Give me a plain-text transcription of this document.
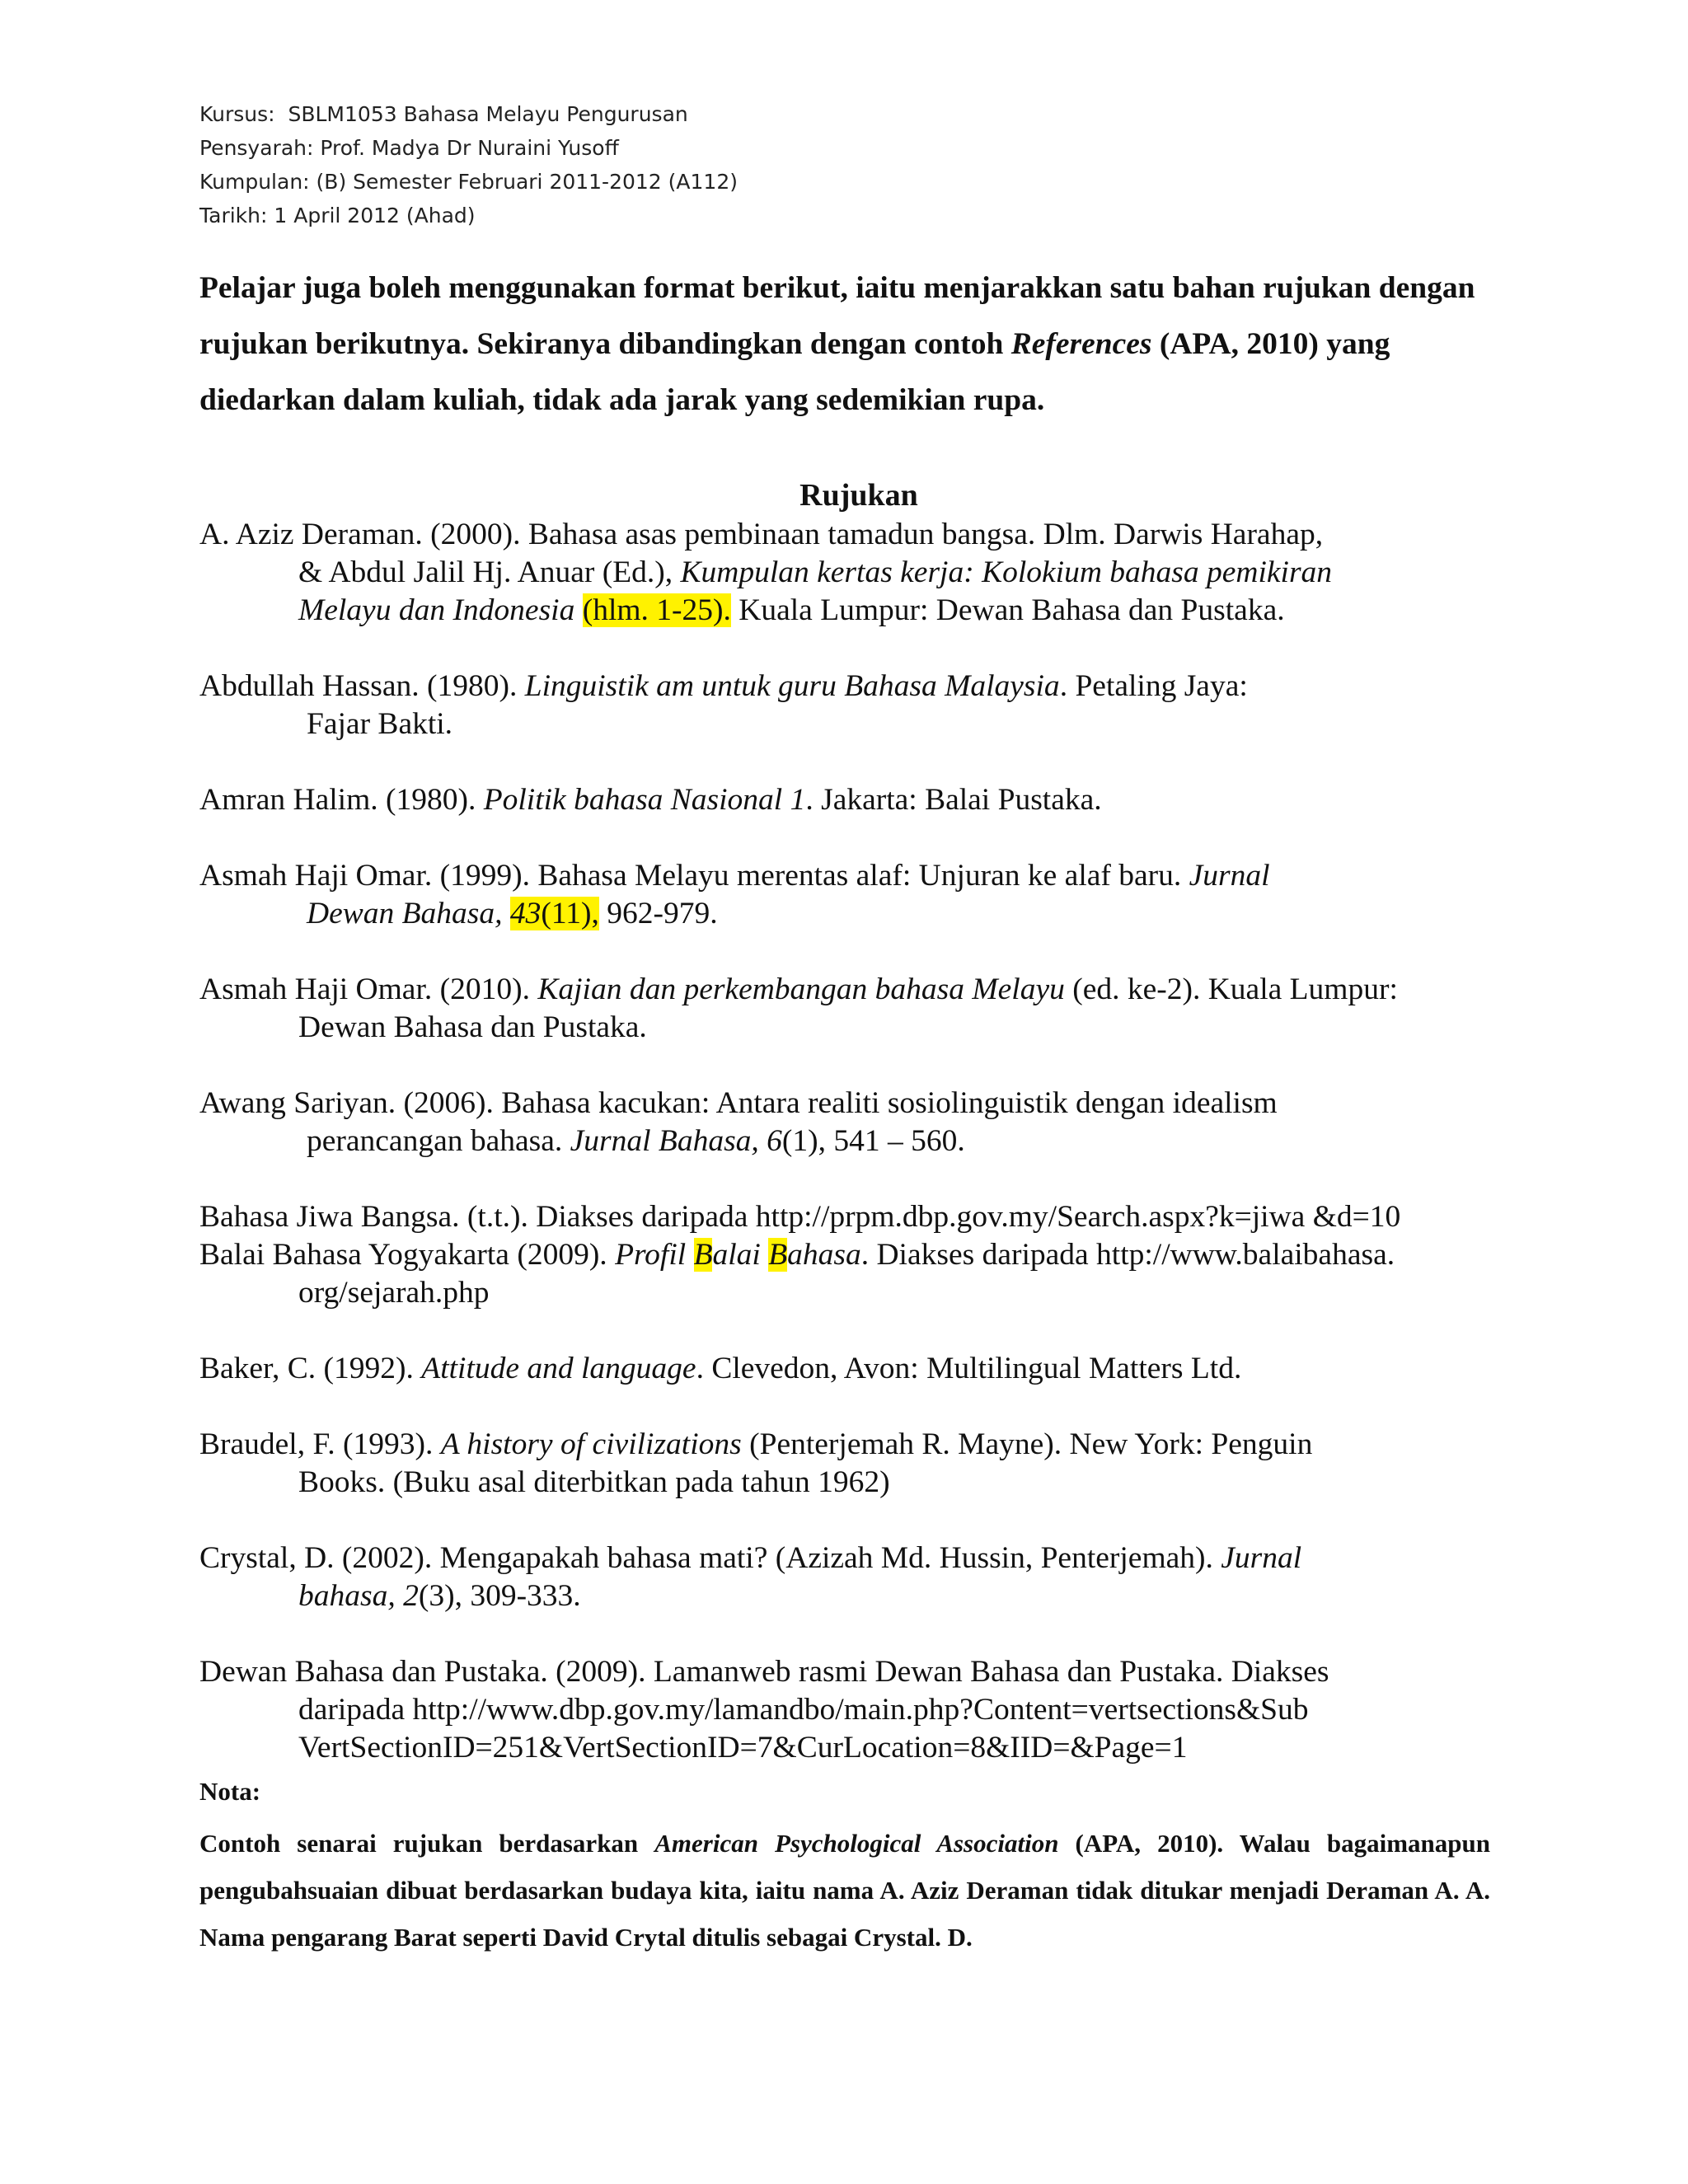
Kursus:  SBLM1053 Bahasa Melayu Pengurusan
Pensyarah: Prof. Madya Dr Nuraini Yusoff
Kumpulan: (B) Semester Februari 2011-2012 (A112)
Tarikh: 1 April 2012 (Ahad)

Pelajar juga boleh menggunakan format berikut, iaitu menjarakkan satu bahan rujukan dengan rujukan berikutnya. Sekiranya dibandingkan dengan contoh References (APA, 2010) yang diedarkan dalam kuliah, tidak ada jarak yang sedemikian rupa.

Rujukan
A. Aziz Deraman. (2000). Bahasa asas pembinaan tamadun bangsa. Dlm. Darwis Harahap,
& Abdul Jalil Hj. Anuar (Ed.), Kumpulan kertas kerja: Kolokium bahasa pemikiran
Melayu dan Indonesia (hlm. 1-25). Kuala Lumpur: Dewan Bahasa dan Pustaka.
Abdullah Hassan. (1980). Linguistik am untuk guru Bahasa Malaysia. Petaling Jaya:
Fajar Bakti.
Amran Halim. (1980). Politik bahasa Nasional 1. Jakarta: Balai Pustaka.
Asmah Haji Omar. (1999). Bahasa Melayu merentas alaf: Unjuran ke alaf baru. Jurnal
Dewan Bahasa, 43(11), 962-979.
Asmah Haji Omar. (2010). Kajian dan perkembangan bahasa Melayu (ed. ke-2). Kuala Lumpur:
Dewan Bahasa dan Pustaka.
Awang Sariyan. (2006). Bahasa kacukan: Antara realiti sosiolinguistik dengan idealism
perancangan bahasa. Jurnal Bahasa, 6(1), 541 – 560.
Bahasa Jiwa Bangsa. (t.t.). Diakses daripada http://prpm.dbp.gov.my/Search.aspx?k=jiwa &d=10
Balai Bahasa Yogyakarta (2009). Profil Balai Bahasa. Diakses daripada http://www.balaibahasa.
org/sejarah.php
Baker, C. (1992). Attitude and language. Clevedon, Avon: Multilingual Matters Ltd.
Braudel, F. (1993). A history of civilizations (Penterjemah R. Mayne). New York: Penguin
Books. (Buku asal diterbitkan pada tahun 1962)
Crystal, D. (2002). Mengapakah bahasa mati? (Azizah Md. Hussin, Penterjemah). Jurnal
bahasa, 2(3), 309-333.
Dewan Bahasa dan Pustaka. (2009). Lamanweb rasmi Dewan Bahasa dan Pustaka. Diakses
daripada http://www.dbp.gov.my/lamandbo/main.php?Content=vertsections&Sub
VertSectionID=251&VertSectionID=7&CurLocation=8&IID=&Page=1
Nota:
Contoh senarai rujukan berdasarkan American Psychological Association (APA, 2010). Walau bagaimanapun pengubahsuaian dibuat berdasarkan budaya kita, iaitu nama A. Aziz Deraman tidak ditukar menjadi Deraman A. A. Nama pengarang Barat seperti David Crytal ditulis sebagai Crystal. D.
